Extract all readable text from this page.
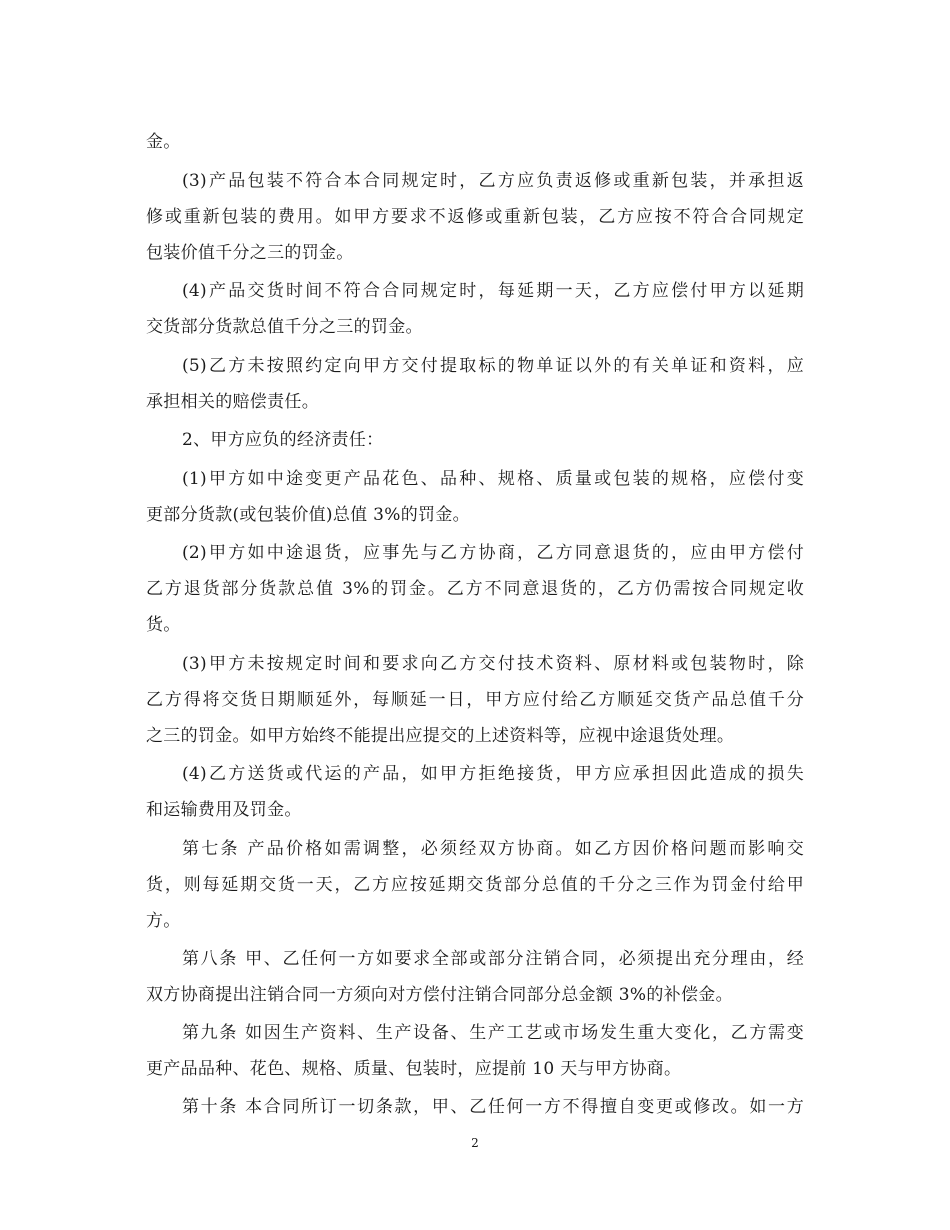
金。
(3)产品包装不符合本合同规定时，乙方应负责返修或重新包装，并承担返
修或重新包装的费用。如甲方要求不返修或重新包装，乙方应按不符合合同规定
包装价值千分之三的罚金。
(4)产品交货时间不符合合同规定时，每延期一天，乙方应偿付甲方以延期
交货部分货款总值千分之三的罚金。
(5)乙方未按照约定向甲方交付提取标的物单证以外的有关单证和资料，应
承担相关的赔偿责任。
2、甲方应负的经济责任：
(1)甲方如中途变更产品花色、品种、规格、质量或包装的规格，应偿付变
更部分货款(或包装价值)总值 3%的罚金。
(2)甲方如中途退货，应事先与乙方协商，乙方同意退货的，应由甲方偿付
乙方退货部分货款总值 3%的罚金。乙方不同意退货的，乙方仍需按合同规定收
货。
(3)甲方未按规定时间和要求向乙方交付技术资料、原材料或包装物时，除
乙方得将交货日期顺延外，每顺延一日，甲方应付给乙方顺延交货产品总值千分
之三的罚金。如甲方始终不能提出应提交的上述资料等，应视中途退货处理。
(4)乙方送货或代运的产品，如甲方拒绝接货，甲方应承担因此造成的损失
和运输费用及罚金。
第七条 产品价格如需调整，必须经双方协商。如乙方因价格问题而影响交
货，则每延期交货一天，乙方应按延期交货部分总值的千分之三作为罚金付给甲
方。
第八条 甲、乙任何一方如要求全部或部分注销合同，必须提出充分理由，经
双方协商提出注销合同一方须向对方偿付注销合同部分总金额 3%的补偿金。
第九条 如因生产资料、生产设备、生产工艺或市场发生重大变化，乙方需变
更产品品种、花色、规格、质量、包装时，应提前 10 天与甲方协商。
第十条 本合同所订一切条款，甲、乙任何一方不得擅自变更或修改。如一方
2
